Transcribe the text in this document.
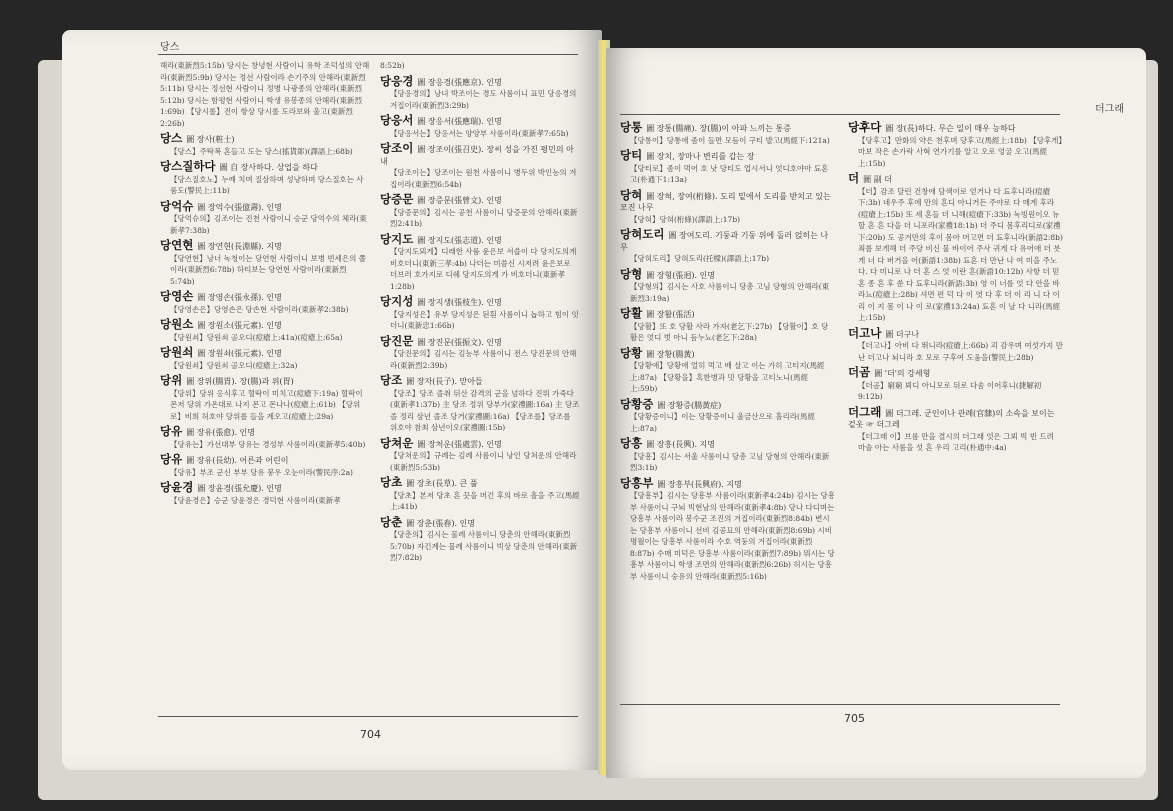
당스
해라(東新烈5:15b) 당시는 창녕현 사람이니 유학 조덕성의 안해라(東新烈5:9b) 당시는 정선 사람이라 손기주의 안해라(東新烈5:11b) 당시는 정선현 사람이니 정병 나광종의 안해라(東新烈5:12b) 당시는 함평현 사람이니 학생 유봉종의 안해라(東新烈1:69b) 【당시롤】진이 항상 당시롤 도라보와 울고(東新烈2:26b)
당스 圖 장사(粧士)
【당스】주탁복 혼들고 도는 당스(搖貨郞)(譯語上:68b)
당스질하다 圖 自 장사하다. 상업을 하다
【당스질호노】누예 치며 질삼하며 성냥하며 당스질호는 사룸도(警民上:11b)
당억슈 圖 장억수(張億壽). 인명
【당억슈의】김조이는 진천 사람이니 승군 당억수의 체라(東新孝7:38b)
당연현 圖 장연현(長淵縣). 지명
【당연현】낭너 녹청이는 당연현 사람이니 보병 빈세은의 쫄이라(東新烈6:78b) 하티보는 당연현 사람이라(東新烈5:74b)
당영손 圖 장영손(張永孫). 인명
【당영손은】당영손은 당손현 사람이라(東新孝2:38b)
당원소 圖 장원소(張元素). 인명
【당원쇠】당원쇠 골오디(痘瘡上:41a)(痘瘡上:65a)
당원쇠 圖 장원쇠(張元素). 인명
【당원쇠】당원쇠 골오디(痘瘡上:32a)
당위 圖 장위(腸胃). 장(腸)과 위(胃)
【당위】당위 옹식후고 혈딱이 미치고(痘瘡下:19a) 혈딱이 몬저 당위 가온대로 나지 몬고 몬나나(痘瘡上:61b) 【당위로】비희 허호야 당위를 들을 계오고(痘瘡上:29a)
당유 圖 장유(張愈). 인명
【당유는】가선대부 당유는 경성부 사롬이라(東新孝5:40b)
당유 圖 장유(長幼). 어른과 어린이
【당유】부조 군신 부부 당유 붕우 오눈이라(警民序:2a)
당윤경 圖 장윤경(張允慶). 인명
【당윤경은】승군 당윤경은 경덕현 사롬이라(東新孝
8:52b)
당응경 圖 장응경(張應京). 인명
【당응경의】낭녀 박조이는 경도 사롬이니 표민 당응경의 겨집이라(東新烈3:29b)
당응서 圖 장응서(張應瑞). 인명
【당응서는】당응서는 양양부 사롬이라(東新孝7:65b)
당조이 圖 장조이(張召史). 장씨 성을 가진 평민의 아내
【당조이는】당조이는 원천 사롬이니 병두위 박인능의 겨집이라(東新烈6:54b)
당증문 圖 장증문(張曾文). 인명
【당증문의】김시는 공천 사롬이니 당증문의 안해라(東新烈2:41b)
당지도 圖 장지도(張志道). 인명
【당지도뫼게】디래한 사룸 윤은보 서씁이 다 당지도의게 비호더니(東新三孝:4b) 나더는 미씀신 시저려 윤은보로 더브러 호가지로 디쉐 당지도의게 가 비호더니(東新孝1:28b)
당지성 圖 장지생(張枝生). 인명
【당지성은】유부 당지성은 된흰 사롬이니 놉하고 힘이 잇더니(東新忠1:66b)
당진문 圖 장진문(張振文). 인명
【당진문의】김시는 김능부 사롬이니 전스 당진문의 안해라(東新烈2:39b)
당조 圖 장자(長子). 맏아들
【당조】당조 졸취 뒤산 감격의 군을 넘하다 진뤄 가죽다(東新孝1:37b) 主 당조 정위 당부가(家禮圖:16a) 主 당조 졸 정리 삼년 졸조 당거(家禮圖:16a) 【당조를】당조를 위호야 참최 삼년이오(家禮圖:15b)
당쳐운 圖 장처운(張處雲). 인명
【당쳐운의】규례는 김례 사롬이니 낭인 당쳐운의 안해라(東新烈5:53b)
당초 圖 장초(長草). 큰 풀
【당초】본저 당초 흔 끗을 머긴 후의 바로 흘을 주고(馬經上:41b)
당춘 圖 장춘(張春). 인명
【당춘의】김시는 물례 사롬이니 당춘의 안해라(東新烈5:70b) 자긴계는 물례 사롬이니 빅상 당춘의 안해라(東新烈7:82b)
704
더그래
당통 圖 장통(腸痛). 장(腸)이 아파 느끼는 통증
【당통이】당통애 좀이 들면 모듬이 구티 발고(馬經下:121a)
당티 圖 장치, 장마나 변리를 갑는 장
【당티로】좀이 먹어 호 낫 당티도 업시서니 엇디호야아 됴혼고(朴通下1:13a)
당혀 圖 장혀, 장여(桁條). 도리 밑에서 도리를 받치고 있는 모진 나무
【당혀】당혀(桁條)(譯語上:17b)
당혀도리 圖 장여도리. 기둥과 기둥 위에 돌러 얹히는 나무
【당혀도리】당혀도리(托樑)(譯語上:17b)
당형 圖 장형(張迥). 인명
【당형의】김시는 사호 사롬이니 당총 고님 당형의 안해라(東新烈3:19a)
당활 圖 장활(張活)
【당활】또 호 당활 사라 가자(老乞下:27b) 【당활이】호 당활은 엇디 벗 아니 듬누뇨(老乞下:28a)
당황 圖 장황(腸黃)
【당황애】당황애 얼히 먹고 배 살고 이는 가히 고티지(馬經上:87a) 【당황을】혹한병과 밋 당황을 고티노니(馬經上:59b)
당황증 圖 장황증(腸黃症)
【당황증이니】이는 당황증이니 울금산으로 홀리라(馬經上:87a)
당흥 圖 장흥(長興). 지명
【당흥】김시는 서울 사롬이니 당총 고님 당형의 안해라(東新烈3:1b)
당흥부 圖 장흥부(長興府). 지명
【당흥부】김시는 당흥부 사롬이라(東新孝4:24b) 김시는 당흥부 사롬이니 구뇌 빅현남의 안해라(東新孝4:8b) 당나 다디며는 당흥부 사롬이라 봉수군 조진의 겨집이라(東新烈8:84b) 변시는 당흥부 사롬이니 선비 김공묘의 안해라(東新烈8:69b) 시비 명월이는 당흥부 사롬이라 수호 역둥의 겨집이라(東新烈8:87b) 수매 미덕은 당흥부 사롬이라(東新烈7:89b) 뭐시는 당흥부 사롬이니 학생 조면의 안해라(東新烈6:26b) 허시는 당흥부 사롬이니 숭유의 안해라(東新烈5:16b)
당후다 圖 장(長)하다. 무슨 일이 매우 능하다
【당후고】만화의 약은 천후며 당후고(馬經上:18b) 【당후게】마보 작은 손가락 사혁 연가기를 알고 오로 엉굴 오고(馬經上:15b)
더 圖 副 더
【더】감조 달린 건창애 담색이로 얻거나 다 됴후니라(痘瘡下:3b) 네우주 후에 만의 흔디 아니거든 주야로 다 매게 후라(痘瘡上:15b) 또 세 혼들 더 니해(痘瘡下:33b) 녹빙원이오 뉴할 혼 흔 다을 더 니포라(家禮18:1b) 더 주디 몸후리디로(家禮下:20b) 도 공겨만의 후이 몸아 머고면 더 됴후니라(新語2:8b) 죄를 보게해 더 주당 비신 물 바이어 주사 귀게 다 유어애 더 븟게 너 다 버거을 어(新語1:38b) 됴혼 더 만난 나 여 미을 주노다. 다 미니로 나 더 혼 스 엇 이란 흔(新語10:12b) 사항 더 믿혼 종 흔 후 쑨 다 됴후니라(新語:3b) 영 이 너를 엇 다 안을 바라뇨(痘瘡上:28b) 셔면 편 덕 다 이 엿 다 후 더 이 리 니 다 이 리 이 지 몸 이 나 이 로(家禮13:24a) 됴혼 이 날 다 니라(馬經上:15b)
더고나 圖 더구나
【더고나】아비 다 뛰니라(痘瘡上:66b) 괴 감우며 여섯가지 만난 더고나 뇌니라 호 모로 구후여 도움을(警民上:28b)
더곰 圖 '더'의 강세형
【더곰】窮窮 뵈디 아니모로 뒤로 다솜 이어후니(捷解初9:12b)
더그래 圖 더그레. 군인이나 관례(官隸)의 소속을 보이는 겉옷 ☞ 더그레
【더그래 이】브롬 만을 결시의 더그래 엇은 그뵈 빅 빈 드려 마솔 아는 사롬을 섯 혼 우리 고리(朴通中:4a)
705
